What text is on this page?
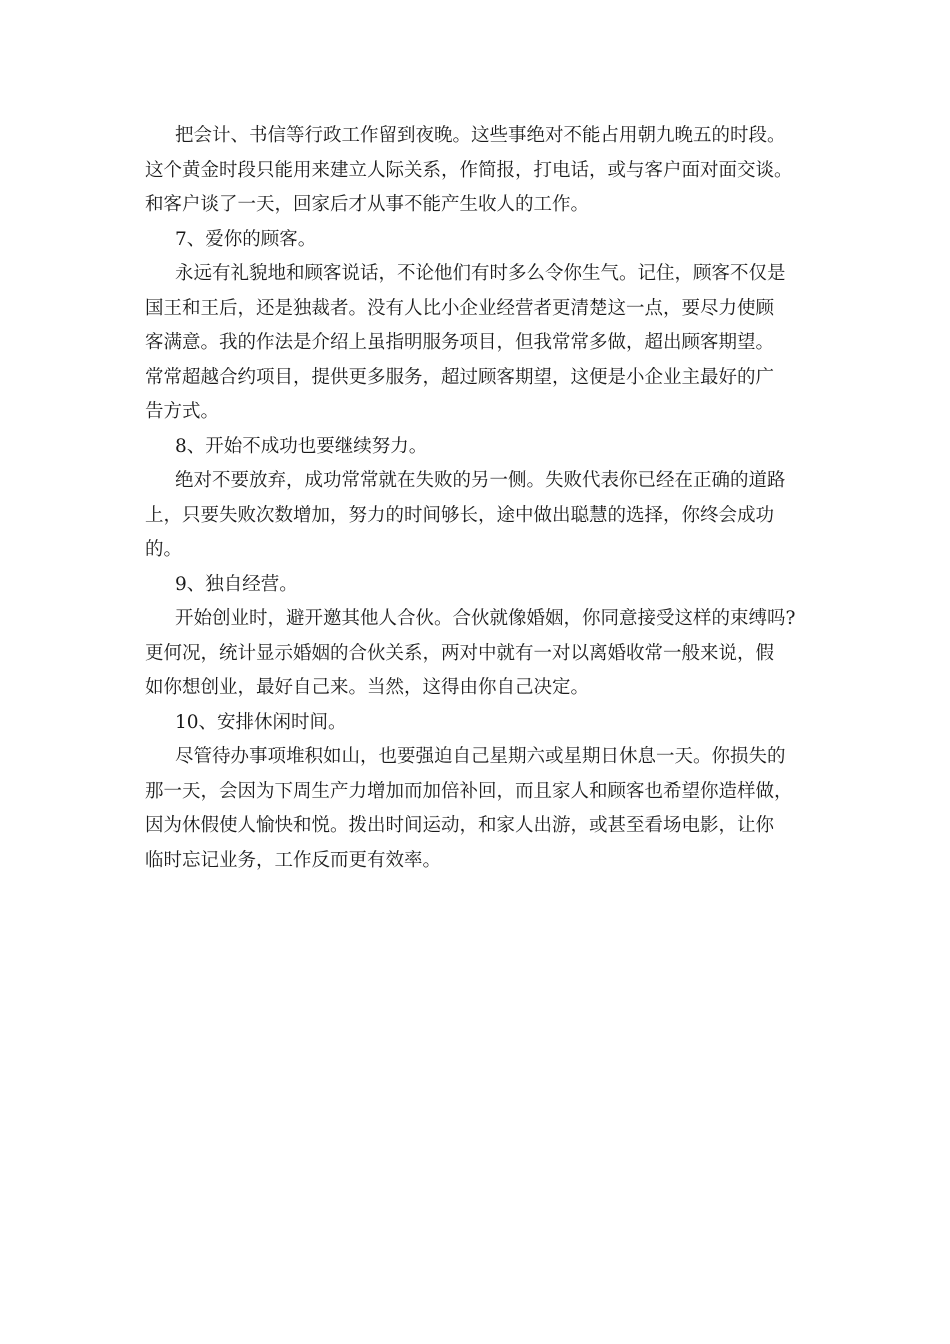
把会计、书信等行政工作留到夜晚。这些事绝对不能占用朝九晚五的时段。
这个黄金时段只能用来建立人际关系，作简报，打电话，或与客户面对面交谈。
和客户谈了一天，回家后才从事不能产生收人的工作。
7、爱你的顾客。
永远有礼貌地和顾客说话，不论他们有时多么令你生气。记住，顾客不仅是
国王和王后，还是独裁者。没有人比小企业经营者更清楚这一点，要尽力使顾
客满意。我的作法是介绍上虽指明服务项目，但我常常多做，超出顾客期望。
常常超越合约项目，提供更多服务，超过顾客期望，这便是小企业主最好的广
告方式。
8、开始不成功也要继续努力。
绝对不要放弃，成功常常就在失败的另一侧。失败代表你已经在正确的道路
上，只要失败次数增加，努力的时间够长，途中做出聪慧的选择，你终会成功
的。
9、独自经营。
开始创业时，避开邀其他人合伙。合伙就像婚姻，你同意接受这样的束缚吗?
更何况，统计显示婚姻的合伙关系，两对中就有一对以离婚收常一般来说，假
如你想创业，最好自己来。当然，这得由你自己决定。
10、安排休闲时间。
尽管待办事项堆积如山，也要强迫自己星期六或星期日休息一天。你损失的
那一天，会因为下周生产力增加而加倍补回，而且家人和顾客也希望你造样做，
因为休假使人愉快和悦。拨出时间运动，和家人出游，或甚至看场电影，让你
临时忘记业务，工作反而更有效率。
